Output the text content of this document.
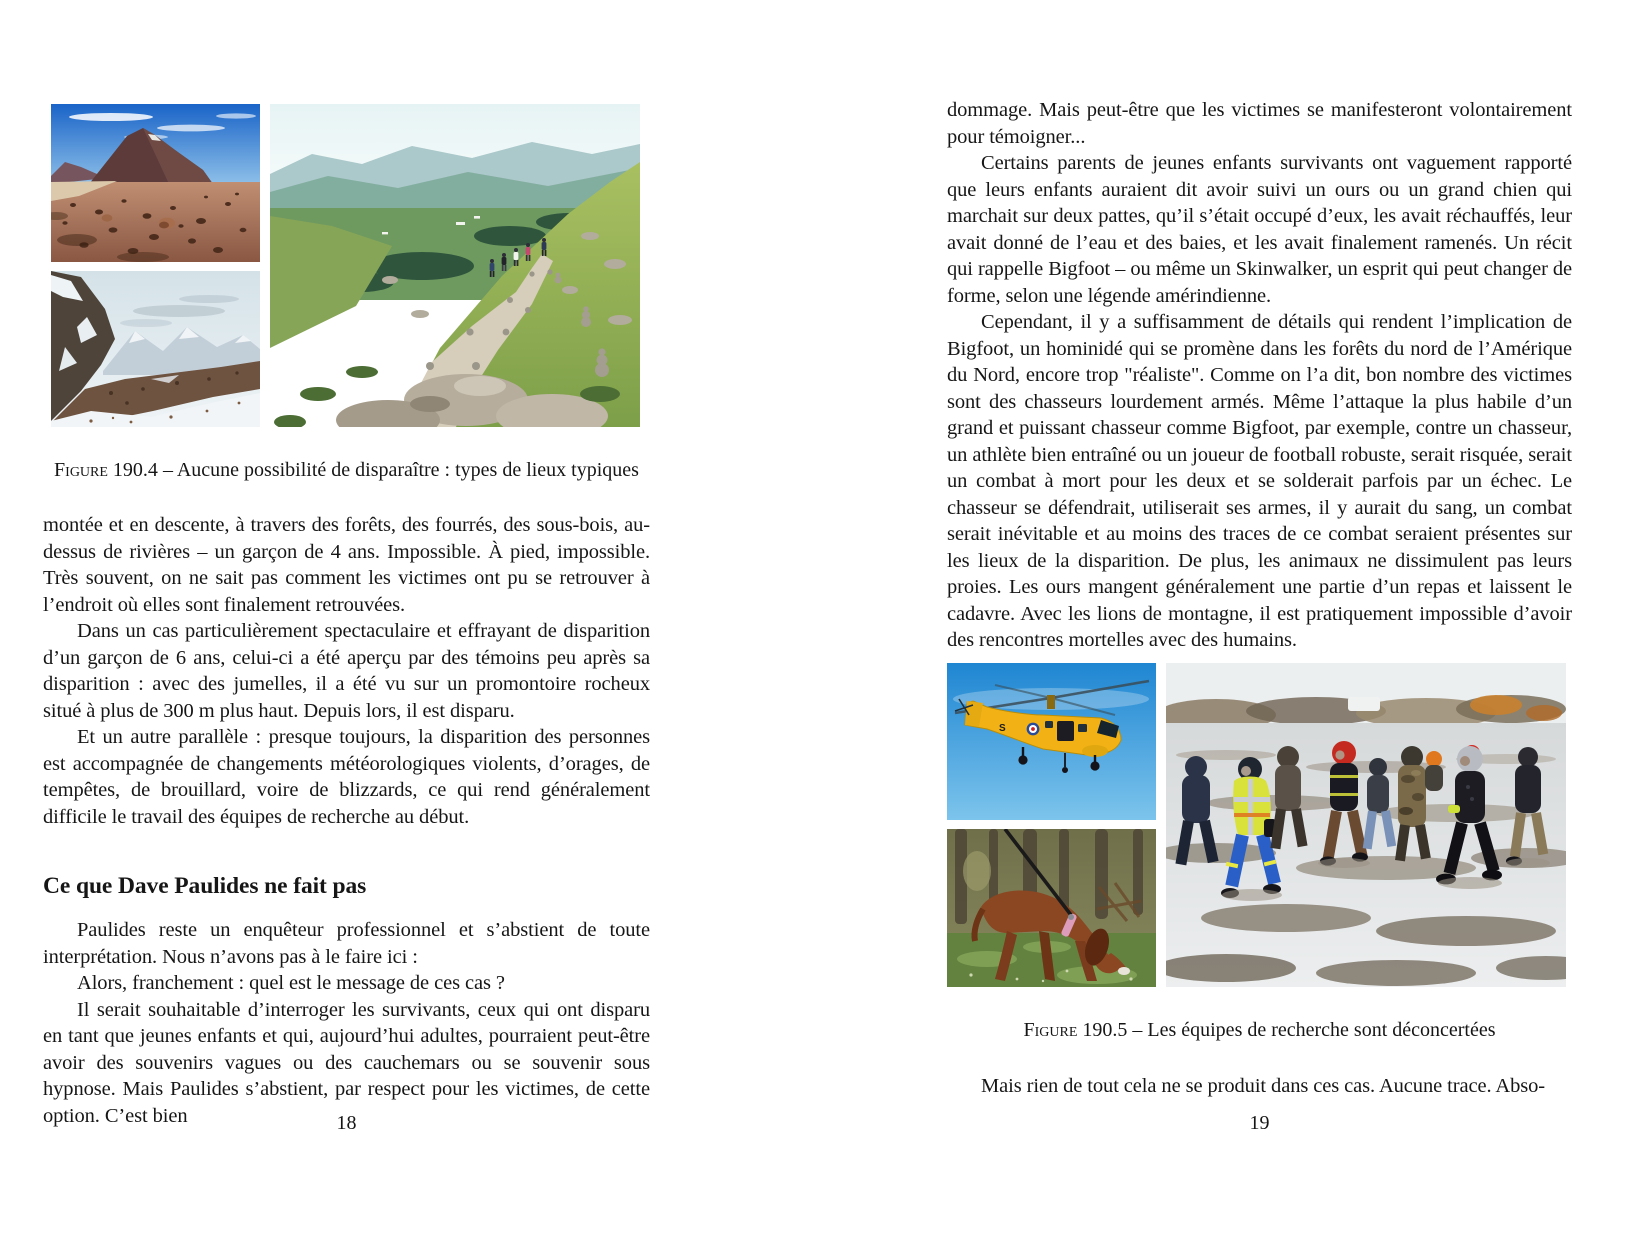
Figure 190.4 – Aucune possibilité de disparaître : types de lieux typiques

montée et en descente, à travers des forêts, des fourrés, des sous-bois, au-dessus de rivières – un garçon de 4 ans. Impossible. À pied, impossible. Très souvent, on ne sait pas comment les victimes ont pu se retrouver à l’endroit où elles sont finalement retrouvées.

Dans un cas particulièrement spectaculaire et effrayant de disparition d’un garçon de 6 ans, celui-ci a été aperçu par des témoins peu après sa disparition : avec des jumelles, il a été vu sur un promontoire rocheux situé à plus de 300 m plus haut. Depuis lors, il est disparu.

Et un autre parallèle : presque toujours, la disparition des personnes est accompagnée de changements météorologiques violents, d’orages, de tempêtes, de brouillard, voire de blizzards, ce qui rend généralement difficile le travail des équipes de recherche au début.

Ce que Dave Paulides ne fait pas

Paulides reste un enquêteur professionnel et s’abstient de toute interprétation. Nous n’avons pas à le faire ici :

Alors, franchement : quel est le message de ces cas ?

Il serait souhaitable d’interroger les survivants, ceux qui ont disparu en tant que jeunes enfants et qui, aujourd’hui adultes, pourraient peut-être avoir des souvenirs vagues ou des cauchemars ou se souvenir sous hypnose. Mais Paulides s’abstient, par respect pour les victimes, de cette option. C’est bien	18

dommage. Mais peut-être que les victimes se manifesteront volontairement pour témoigner...

Certains parents de jeunes enfants survivants ont vaguement rapporté que leurs enfants auraient dit avoir suivi un ours ou un grand chien qui marchait sur deux pattes, qu’il s’était occupé d’eux, les avait réchauffés, leur avait donné de l’eau et des baies, et les avait finalement ramenés. Un récit qui rappelle Bigfoot – ou même un Skinwalker, un esprit qui peut changer de forme, selon une légende amérindienne.

Cependant, il y a suffisamment de détails qui rendent l’implication de Bigfoot, un hominidé qui se promène dans les forêts du nord de l’Amérique du Nord, encore trop "réaliste". Comme on l’a dit, bon nombre des victimes sont des chasseurs lourdement armés. Même l’attaque la plus habile d’un grand et puissant chasseur comme Bigfoot, par exemple, contre un chasseur, un athlète bien entraîné ou un joueur de football robuste, serait risquée, serait un combat à mort pour les deux et se solderait parfois par un échec. Le chasseur se défendrait, utiliserait ses armes, il y aurait du sang, un combat serait inévitable et au moins des traces de ce combat seraient présentes sur les lieux de la disparition. De plus, les animaux ne dissimulent pas leurs proies. Les ours mangent généralement une partie d’un repas et laissent le cadavre. Avec les lions de montagne, il est pratiquement impossible d’avoir des rencontres mortelles avec des humains.

S
Figure 190.5 – Les équipes de recherche sont déconcertées

Mais rien de tout cela ne se produit dans ces cas. Aucune trace. Abso-

19
